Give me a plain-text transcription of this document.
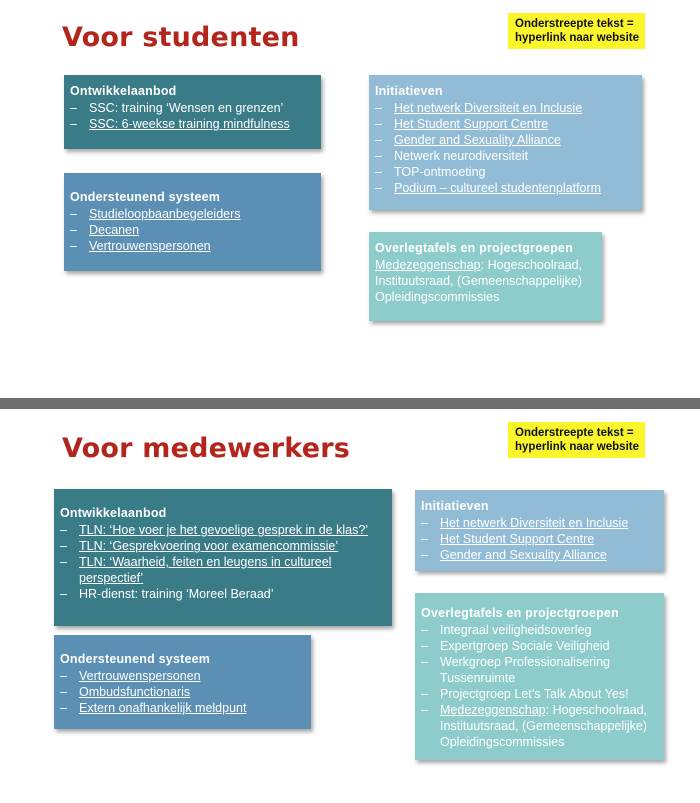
Voor studenten	Onderstreepte tekst =
hyperlink naar website
Ontwikkelaanbod
– SSC: training ‘Wensen en grenzen’
– SSC: 6-weekse training mindfulness
Ondersteunend systeem
– Studieloopbaanbegeleiders
– Decanen
– Vertrouwenspersonen
Initiatieven
– Het netwerk Diversiteit en Inclusie
– Het Student Support Centre
– Gender and Sexuality Alliance
– Netwerk neurodiversiteit
– TOP-ontmoeting
– Podium – cultureel studentenplatform
Overlegtafels en projectgroepen

Medezeggenschap: Hogeschoolraad,

Instituutsraad, (Gemeenschappelijke)

Opleidingscommissies

Voor medewerkers	Onderstreepte tekst =
hyperlink naar website
Ontwikkelaanbod
– TLN: ‘Hoe voer je het gevoelige gesprek in de klas?’
– TLN: ‘Gesprekvoering voor examencommissie’
– TLN: ‘Waarheid, feiten en leugens in cultureel
perspectief’
– HR-dienst: training ‘Moreel Beraad’
Ondersteunend systeem
– Vertrouwenspersonen
– Ombudsfunctionaris
– Extern onafhankelijk meldpunt
Initiatieven
– Het netwerk Diversiteit en Inclusie
– Het Student Support Centre
– Gender and Sexuality Alliance
Overlegtafels en projectgroepen
– Integraal veiligheidsoverleg
– Expertgroep Sociale Veiligheid
– Werkgroep Professionalisering
Tussenruimte
– Projectgroep Let’s Talk About Yes!
– Medezeggenschap: Hogeschoolraad,
Instituutsraad, (Gemeenschappelijke)
Opleidingscommissies
